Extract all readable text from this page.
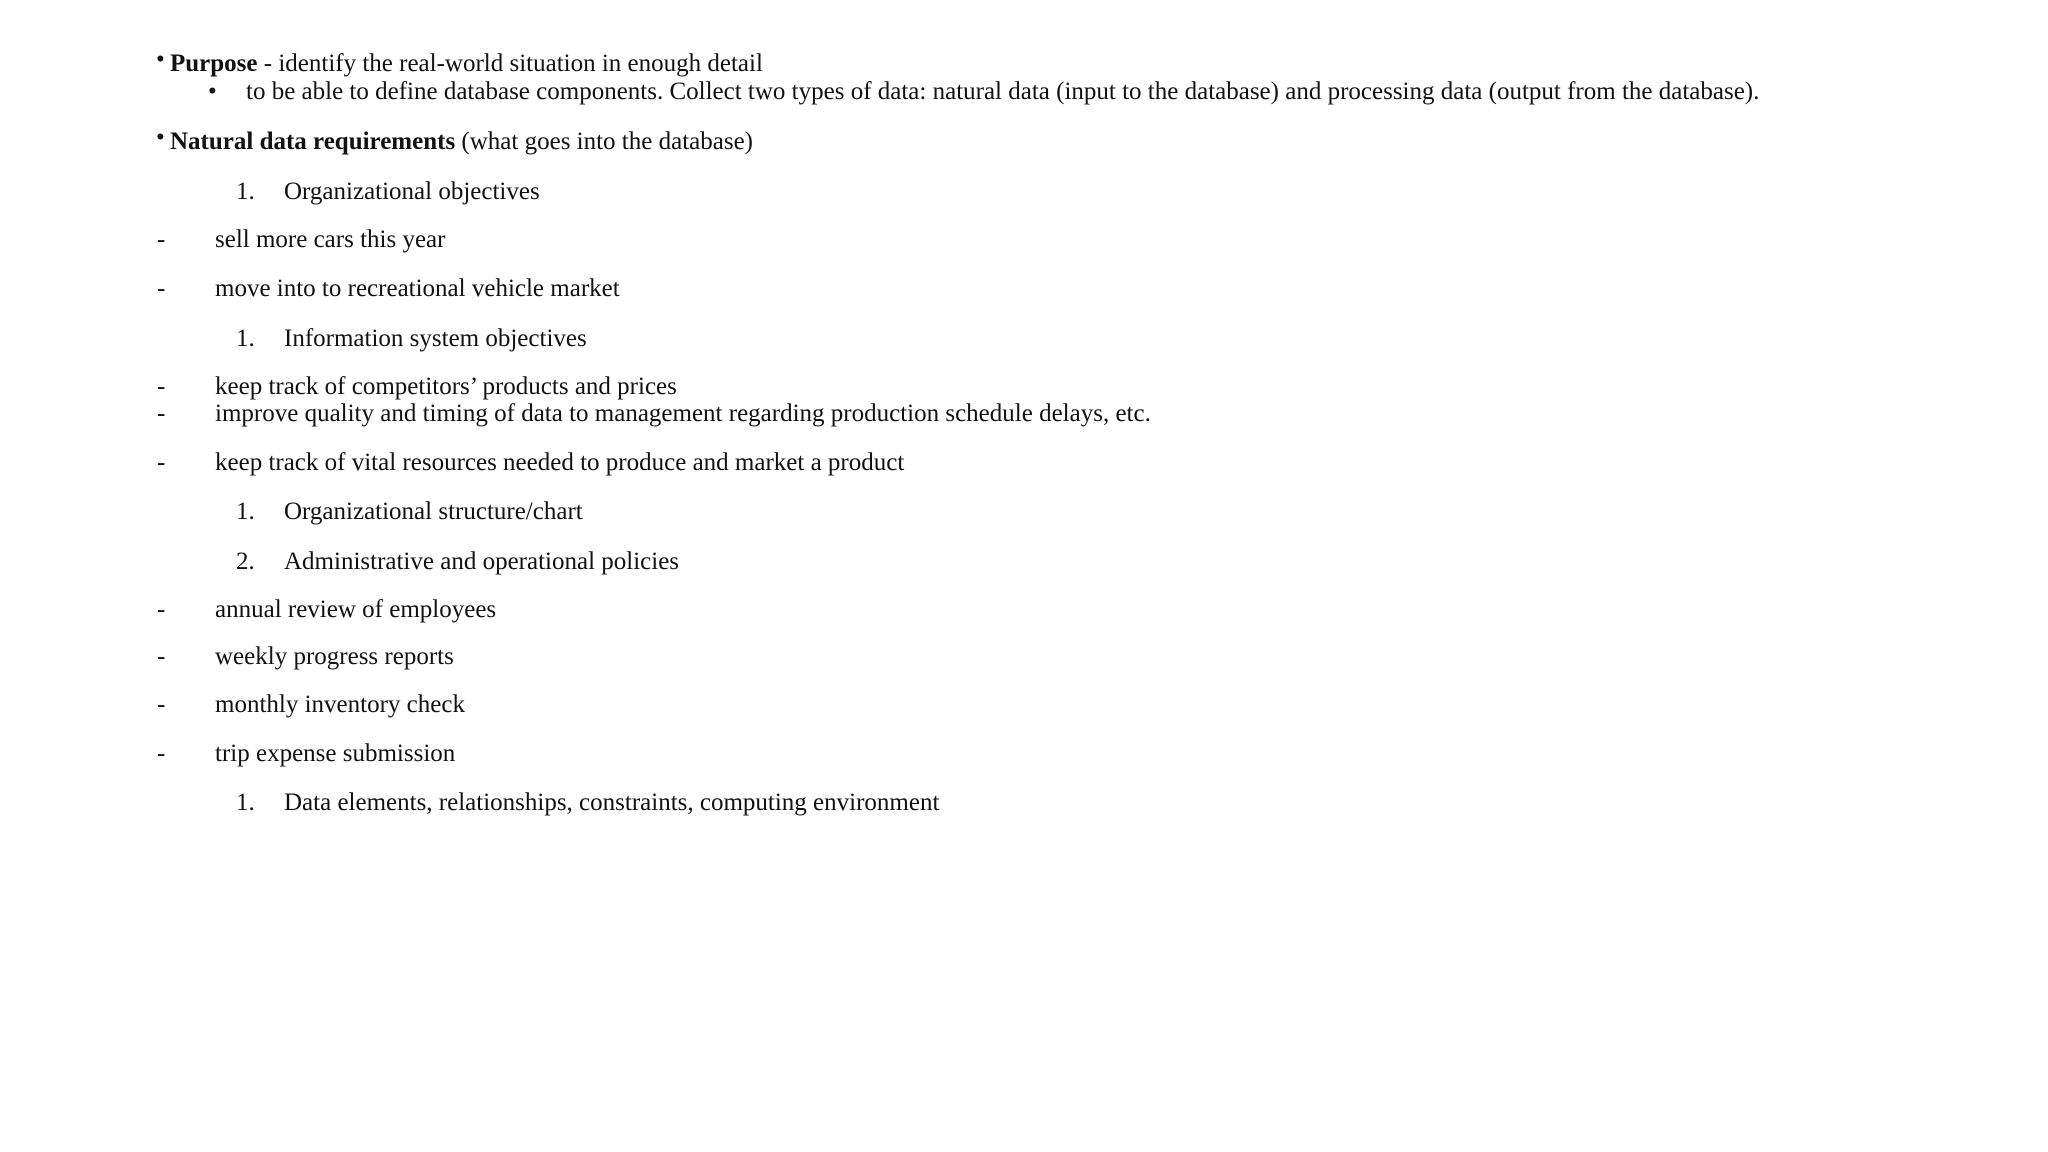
• Purpose - identify the real-world situation in enough detail
• to be able to define database components. Collect two types of data: natural data (input to the database) and processing data (output from the database).
• Natural data requirements (what goes into the database)
1. Organizational objectives
- sell more cars this year
- move into to recreational vehicle market
1. Information system objectives
- keep track of competitors’ products and prices
- improve quality and timing of data to management regarding production schedule delays, etc.
- keep track of vital resources needed to produce and market a product
1. Organizational structure/chart
2. Administrative and operational policies
- annual review of employees
- weekly progress reports
- monthly inventory check
- trip expense submission
1. Data elements, relationships, constraints, computing environment
